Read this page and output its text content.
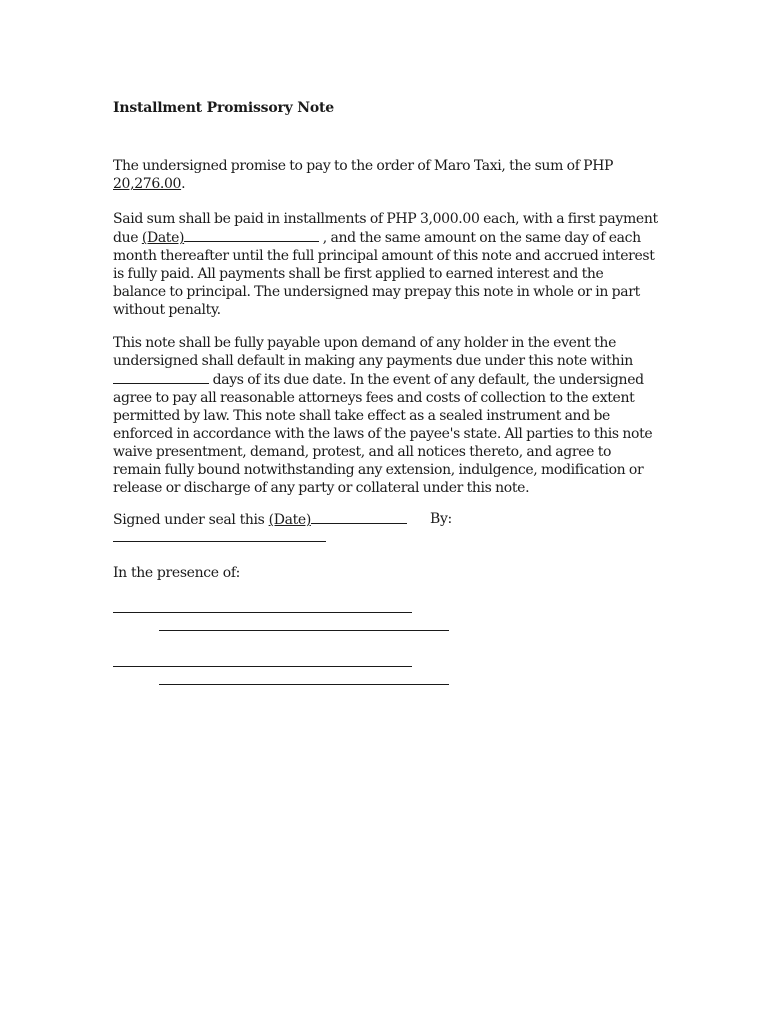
Installment Promissory Note

The undersigned promise to pay to the order of Maro Taxi, the sum of PHP 20,276.00.

Said sum shall be paid in installments of PHP 3,000.00 each, with a first payment due (Date)	, and the same amount on the same day of each month thereafter until the full principal amount of this note and accrued interest is fully paid. All payments shall be first applied to earned interest and the balance to principal. The undersigned may prepay this note in whole or in part without penalty.

This note shall be fully payable upon demand of any holder in the event the undersigned shall default in making any payments due under this note within  days of its due date. In the event of any default, the undersigned agree to pay all reasonable attorneys fees and costs of collection to the extent permitted by law. This note shall take effect as a sealed instrument and be enforced in accordance with the laws of the payee's state. All parties to this note waive presentment, demand, protest, and all notices thereto, and agree to remain fully bound notwithstanding any extension, indulgence, modification or release or discharge of any party or collateral under this note.

Signed under seal this (Date)	By:
In the presence of:
